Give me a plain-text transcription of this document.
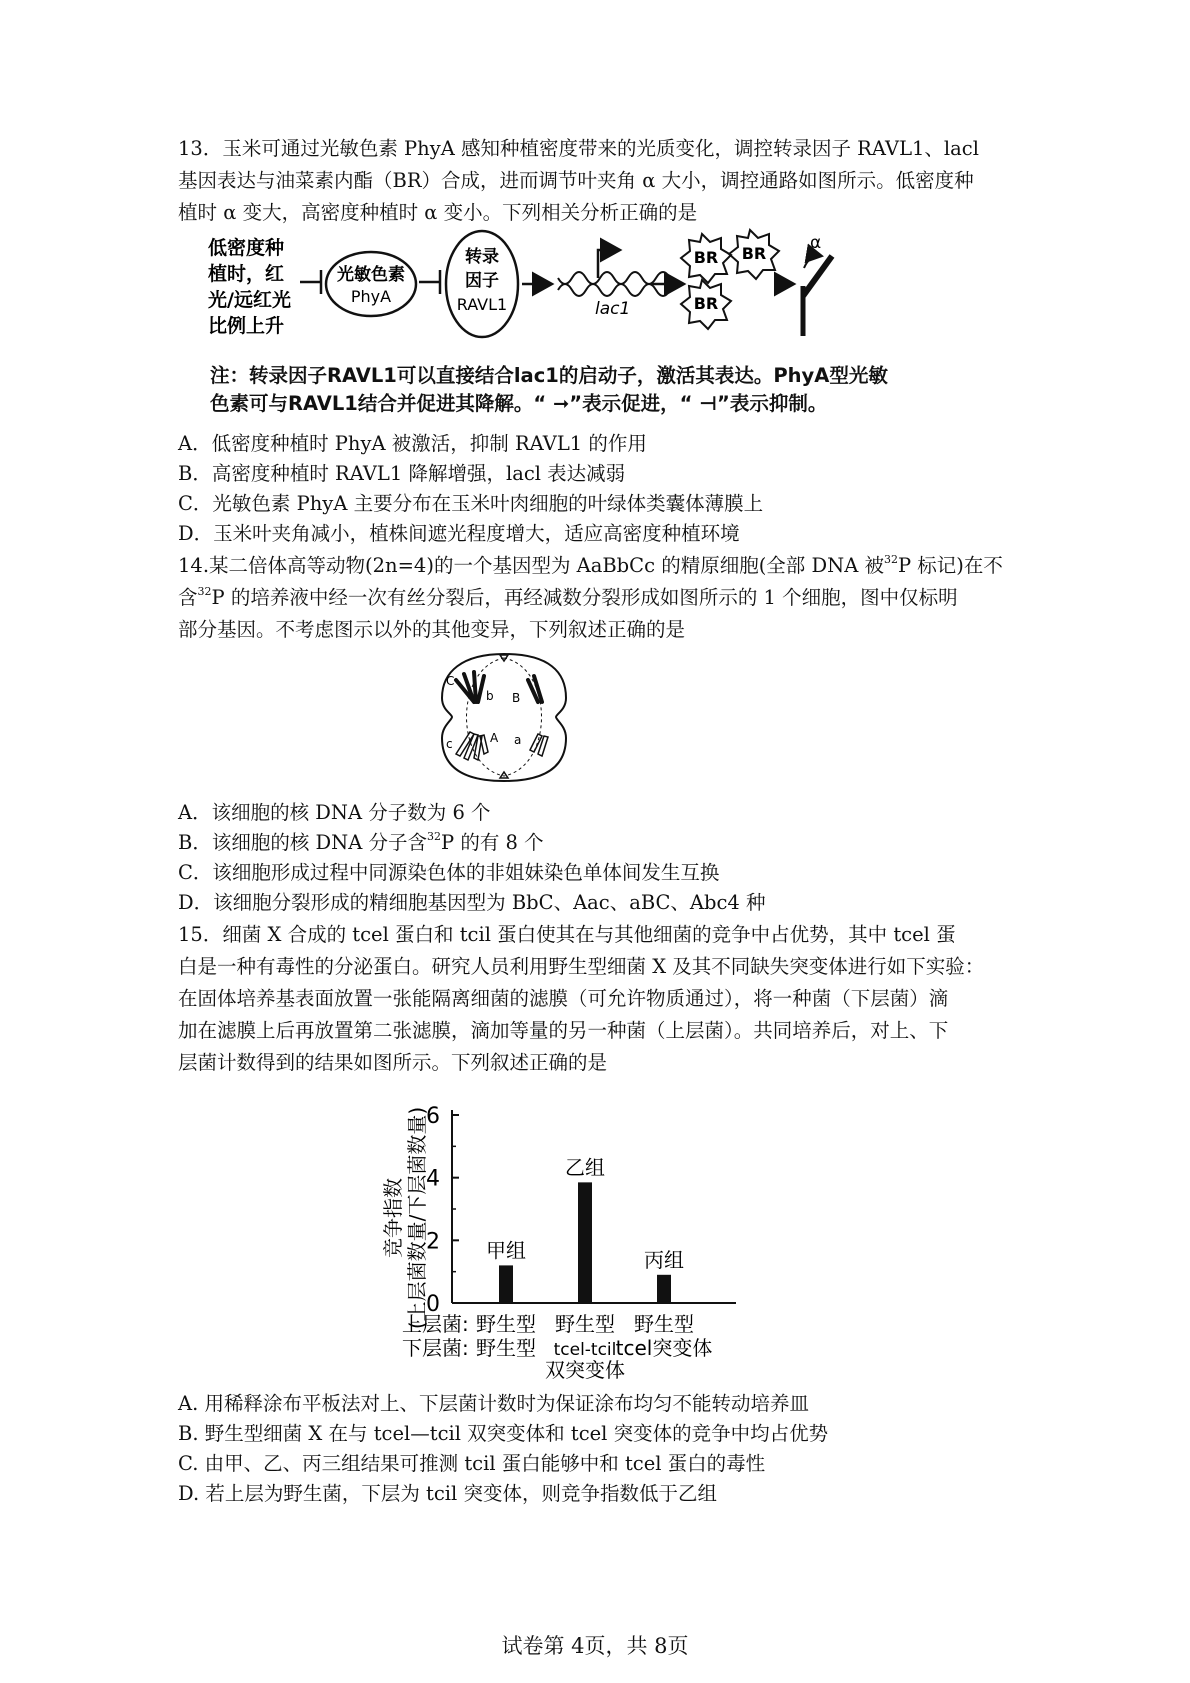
13．玉米可通过光敏色素 PhyA 感知种植密度带来的光质变化，调控转录因子 RAVL1、lacl
基因表达与油菜素内酯（BR）合成，进而调节叶夹角 α 大小，调控通路如图所示。低密度种
植时 α 变大，高密度种植时 α 变小。下列相关分析正确的是
低密度种
植时，红
光/远红光
比例上升
光敏色素
PhyA
转录
因子
RAVL1	lac1
BR BR
BR
α
注：转录因子RAVL1可以直接结合lac1的启动子，激活其表达。PhyA型光敏
色素可与RAVL1结合并促进其降解。“ ➞”表示促进，“ ⊣”表示抑制。
A．低密度种植时 PhyA 被激活，抑制 RAVL1 的作用
B．高密度种植时 RAVL1 降解增强，lacl 表达减弱
C．光敏色素 PhyA 主要分布在玉米叶肉细胞的叶绿体类囊体薄膜上
D．玉米叶夹角减小，植株间遮光程度增大，适应高密度种植环境
14.某二倍体高等动物(2n=4)的一个基因型为 AaBbCc 的精原细胞(全部 DNA 被$^{32}$P 标记)在不
含$^{32}$P 的培养液中经一次有丝分裂后，再经减数分裂形成如图所示的 1 个细胞，图中仅标明
部分基因。不考虑图示以外的其他变异，下列叙述正确的是
C
b B
c	A a
A．该细胞的核 DNA 分子数为 6 个
B．该细胞的核 DNA 分子含$^{32}$P 的有 8 个
C．该细胞形成过程中同源染色体的非姐妹染色单体间发生互换
D．该细胞分裂形成的精细胞基因型为 BbC、Aac、aBC、Abc4 种
15．细菌 X 合成的 tcel 蛋白和 tcil 蛋白使其在与其他细菌的竞争中占优势，其中 tcel 蛋
白是一种有毒性的分泌蛋白。研究人员利用野生型细菌 X 及其不同缺失突变体进行如下实验：
在固体培养基表面放置一张能隔离细菌的滤膜（可允许物质通过），将一种菌（下层菌）滴
加在滤膜上后再放置第二张滤膜，滴加等量的另一种菌（上层菌）。共同培养后，对上、下
层菌计数得到的结果如图所示。下列叙述正确的是
竞争指数 (上层菌数量/下层菌数量)
0
2
4
6
甲组
乙组
丙组
野生型
野生型
野生型
tcel-tcil
双突变体
野生型
tcel突变体
上层菌:
下层菌:
A. 用稀释涂布平板法对上、下层菌计数时为保证涂布均匀不能转动培养皿
B. 野生型细菌 X 在与 tcel—tcil 双突变体和 tcel 突变体的竞争中均占优势
C. 由甲、乙、丙三组结果可推测 tcil 蛋白能够中和 tcel 蛋白的毒性
D. 若上层为野生菌，下层为 tcil 突变体，则竞争指数低于乙组
试卷第 4页，共 8页
